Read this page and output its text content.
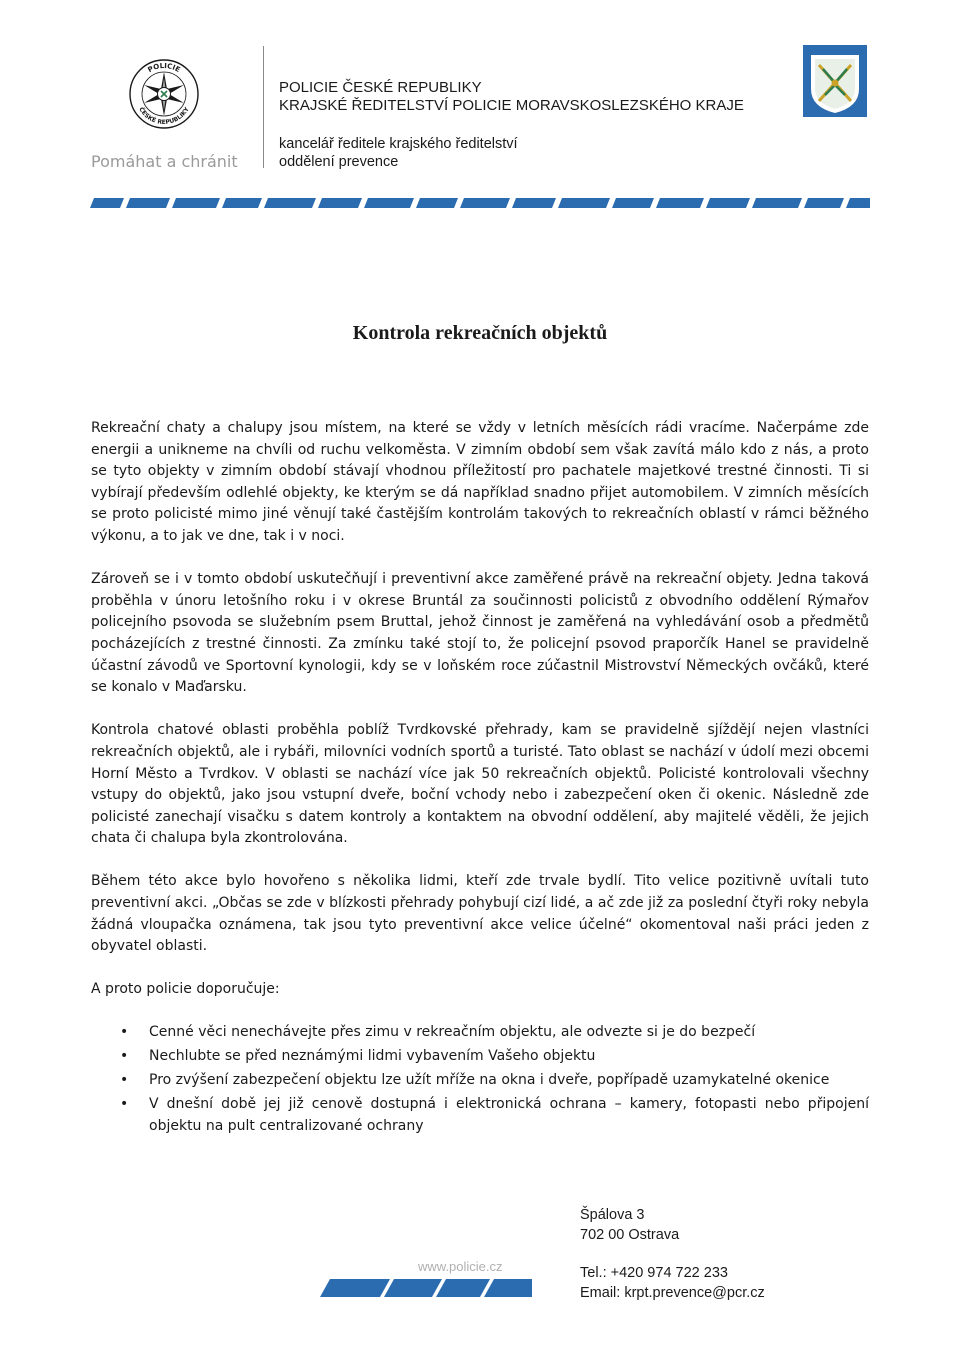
POLICIE
ČESKÉ REPUBLIKY
Pomáhat a chránit
POLICIE ČESKÉ REPUBLIKY
KRAJSKÉ ŘEDITELSTVÍ POLICIE MORAVSKOSLEZSKÉHO KRAJE
kancelář ředitele krajského ředitelství
oddělení prevence
Kontrola rekreačních objektů

Rekreační chaty a chalupy jsou místem, na které se vždy v letních měsících rádi vracíme. Načerpáme zde energii a unikneme na chvíli od ruchu velkoměsta. V zimním období sem však zavítá málo kdo z nás, a proto se tyto objekty v zimním období stávají vhodnou příležitostí pro pachatele majetkové trestné činnosti. Ti si vybírají především odlehlé objekty, ke kterým se dá například snadno přijet automobilem. V zimních měsících se proto policisté mimo jiné věnují také častějším kontrolám takových to rekreačních oblastí v rámci běžného výkonu, a to jak ve dne, tak i v noci.

Zároveň se i v tomto období uskutečňují i preventivní akce zaměřené právě na rekreační objety. Jedna taková proběhla v únoru letošního roku i v okrese Bruntál za součinnosti policistů z obvodního oddělení Rýmařov policejního psovoda se služebním psem Bruttal, jehož činnost je zaměřená na vyhledávání osob a předmětů pocházejících z trestné činnosti. Za zmínku také stojí to, že policejní psovod praporčík Hanel se pravidelně účastní závodů ve Sportovní kynologii, kdy se v loňském roce zúčastnil Mistrovství Německých ovčáků, které se konalo v Maďarsku.

Kontrola chatové oblasti proběhla poblíž Tvrdkovské přehrady, kam se pravidelně sjíždějí nejen vlastníci rekreačních objektů, ale i rybáři, milovníci vodních sportů a turisté. Tato oblast se nachází v údolí mezi obcemi Horní Město a Tvrdkov. V oblasti se nachází více jak 50 rekreačních objektů. Policisté kontrolovali všechny vstupy do objektů, jako jsou vstupní dveře, boční vchody nebo i zabezpečení oken či okenic. Následně zde policisté zanechají visačku s datem kontroly a kontaktem na obvodní oddělení, aby majitelé věděli, že jejich chata či chalupa byla zkontrolována.

Během této akce bylo hovořeno s několika lidmi, kteří zde trvale bydlí. Tito velice pozitivně uvítali tuto preventivní akci. „Občas se zde v blízkosti přehrady pohybují cizí lidé, a ač zde již za poslední čtyři roky nebyla žádná vloupačka oznámena, tak jsou tyto preventivní akce velice účelné“ okomentoval naši práci jeden z obyvatel oblasti.

A proto policie doporučuje:

• Cenné věci nenechávejte přes zimu v rekreačním objektu, ale odvezte si je do bezpečí
• Nechlubte se před neznámými lidmi vybavením Vašeho objektu
• Pro zvýšení zabezpečení objektu lze užít mříže na okna i dveře, popřípadě uzamykatelné okenice
• V dnešní době jej již cenově dostupná i elektronická ochrana – kamery, fotopasti nebo připojení objektu na pult centralizované ochrany
www.policie.cz
Špálova 3
702 00 Ostrava
Tel.: +420 974 722 233
Email: krpt.prevence@pcr.cz
